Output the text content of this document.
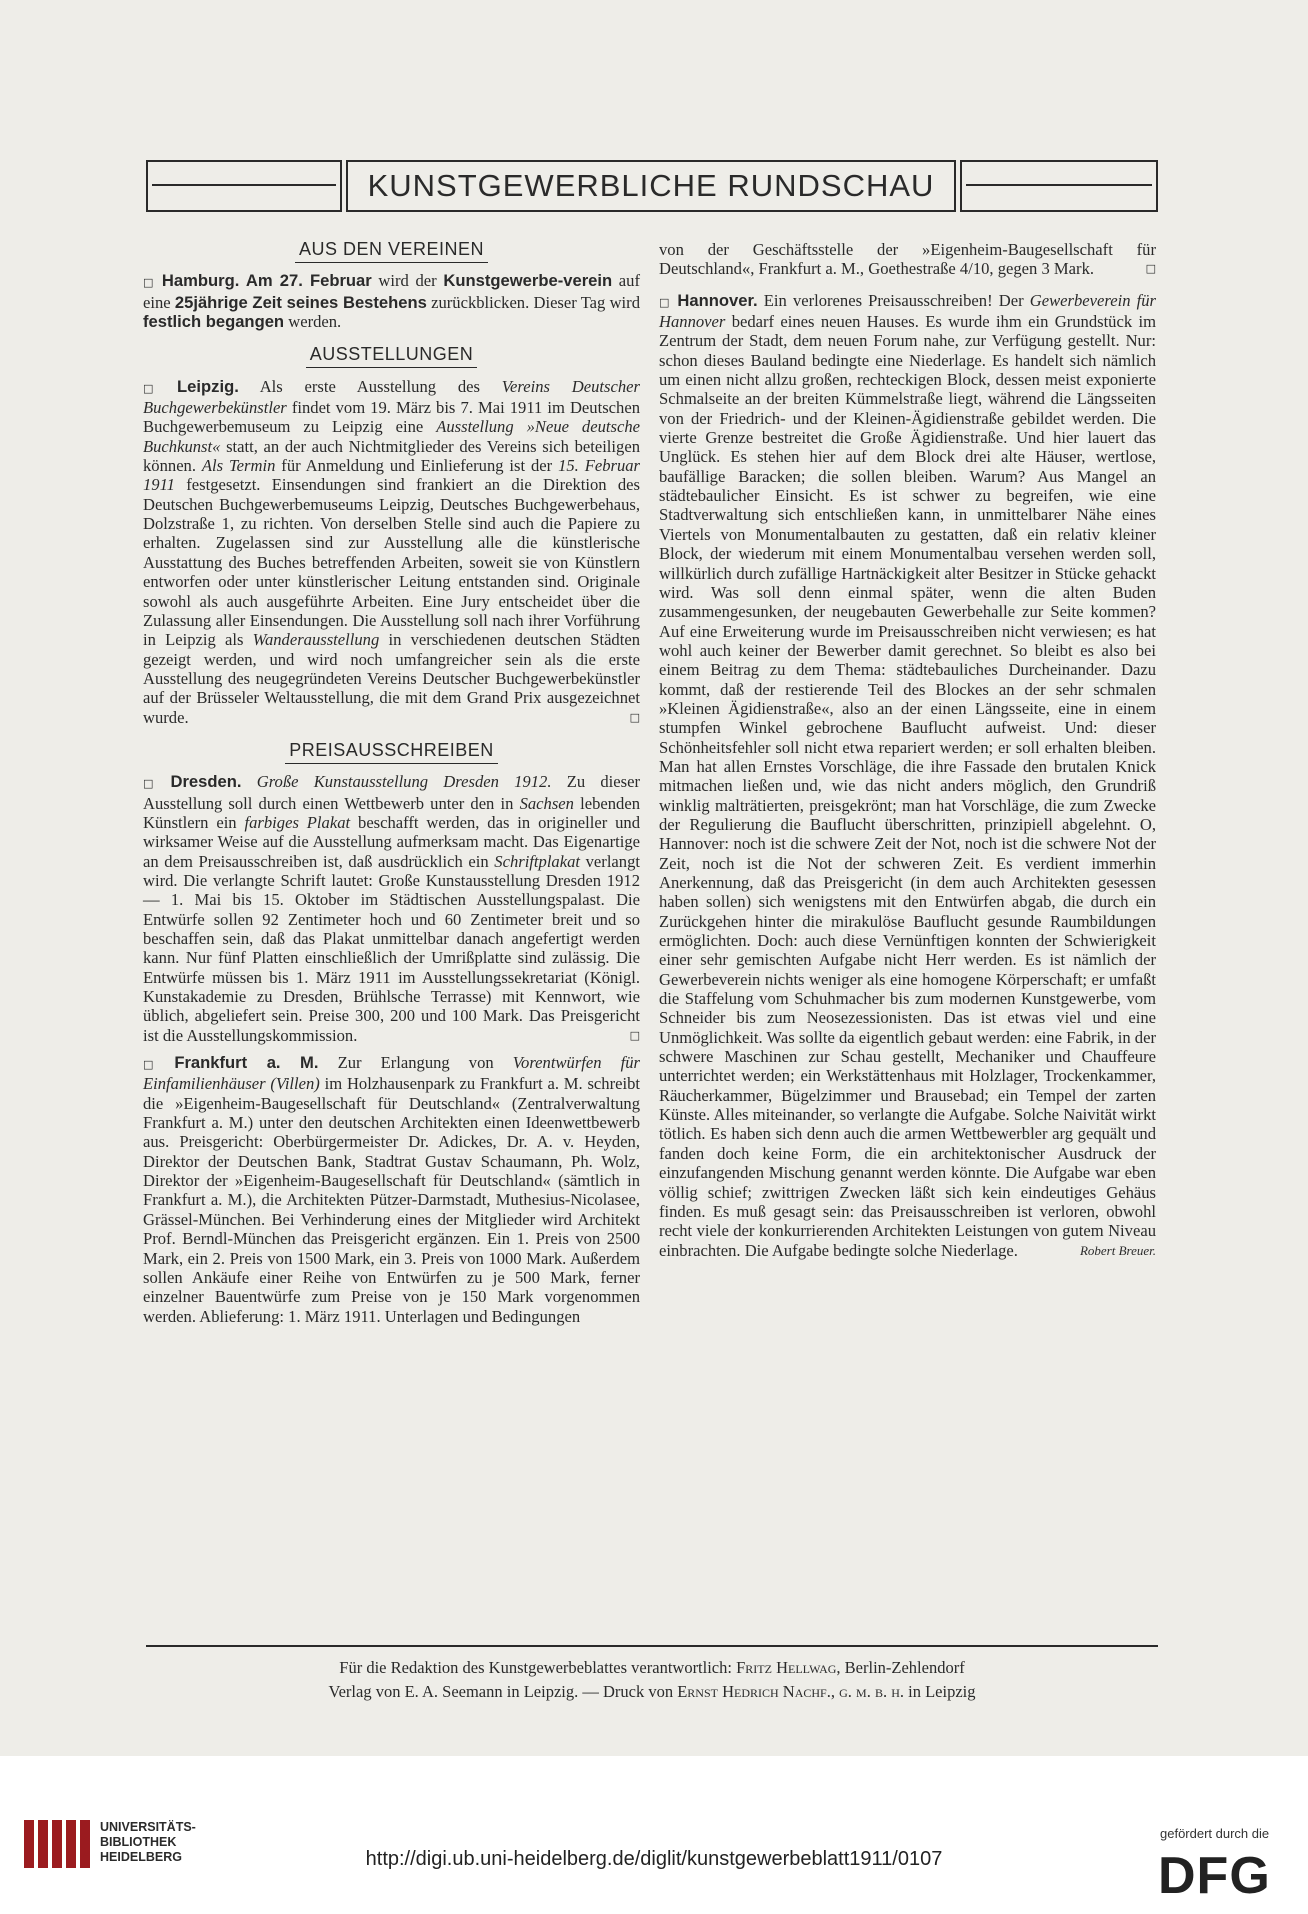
KUNSTGEWERBLICHE RUNDSCHAU
AUS DEN VEREINEN

□ Hamburg. Am 27. Februar wird der Kunstgewerbe-verein auf eine 25jährige Zeit seines Bestehens zurückblicken. Dieser Tag wird festlich begangen werden.

AUSSTELLUNGEN

□ Leipzig. Als erste Ausstellung des Vereins Deutscher Buchgewerbekünstler findet vom 19. März bis 7. Mai 1911 im Deutschen Buchgewerbemuseum zu Leipzig eine Ausstellung »Neue deutsche Buchkunst« statt, an der auch Nichtmitglieder des Vereins sich beteiligen können. Als Termin für Anmeldung und Einlieferung ist der 15. Februar 1911 festgesetzt. Einsendungen sind frankiert an die Direktion des Deutschen Buchgewerbemuseums Leipzig, Deutsches Buchgewerbehaus, Dolzstraße 1, zu richten. Von derselben Stelle sind auch die Papiere zu erhalten. Zugelassen sind zur Ausstellung alle die künstlerische Ausstattung des Buches betreffenden Arbeiten, soweit sie von Künstlern entworfen oder unter künstlerischer Leitung entstanden sind. Originale sowohl als auch ausgeführte Arbeiten. Eine Jury entscheidet über die Zulassung aller Einsendungen. Die Ausstellung soll nach ihrer Vorführung in Leipzig als Wanderausstellung in verschiedenen deutschen Städten gezeigt werden, und wird noch umfangreicher sein als die erste Ausstellung des neugegründeten Vereins Deutscher Buchgewerbekünstler auf der Brüsseler Weltausstellung, die mit dem Grand Prix ausgezeichnet wurde.	□

PREISAUSSCHREIBEN

□ Dresden. Große Kunstausstellung Dresden 1912. Zu dieser Ausstellung soll durch einen Wettbewerb unter den in Sachsen lebenden Künstlern ein farbiges Plakat beschafft werden, das in origineller und wirksamer Weise auf die Ausstellung aufmerksam macht. Das Eigenartige an dem Preisausschreiben ist, daß ausdrücklich ein Schriftplakat verlangt wird. Die verlangte Schrift lautet: Große Kunstausstellung Dresden 1912 — 1. Mai bis 15. Oktober im Städtischen Ausstellungspalast. Die Entwürfe sollen 92 Zentimeter hoch und 60 Zentimeter breit und so beschaffen sein, daß das Plakat unmittelbar danach angefertigt werden kann. Nur fünf Platten einschließlich der Umrißplatte sind zulässig. Die Entwürfe müssen bis 1. März 1911 im Ausstellungssekretariat (Königl. Kunstakademie zu Dresden, Brühlsche Terrasse) mit Kennwort, wie üblich, abgeliefert sein. Preise 300, 200 und 100 Mark. Das Preisgericht ist die Ausstellungskommission.	□

□ Frankfurt a. M. Zur Erlangung von Vorentwürfen für Einfamilienhäuser (Villen) im Holzhausenpark zu Frankfurt a. M. schreibt die »Eigenheim-Baugesellschaft für Deutschland« (Zentralverwaltung Frankfurt a. M.) unter den deutschen Architekten einen Ideenwettbewerb aus. Preisgericht: Oberbürgermeister Dr. Adickes, Dr. A. v. Heyden, Direktor der Deutschen Bank, Stadtrat Gustav Schaumann, Ph. Wolz, Direktor der »Eigenheim-Baugesellschaft für Deutschland« (sämtlich in Frankfurt a. M.), die Architekten Pützer-Darmstadt, Muthesius-Nicolasee, Grässel-München. Bei Verhinderung eines der Mitglieder wird Architekt Prof. Berndl-München das Preisgericht ergänzen. Ein 1. Preis von 2500 Mark, ein 2. Preis von 1500 Mark, ein 3. Preis von 1000 Mark. Außerdem sollen Ankäufe einer Reihe von Entwürfen zu je 500 Mark, ferner einzelner Bauentwürfe zum Preise von je 150 Mark vorgenommen werden. Ablieferung: 1. März 1911. Unterlagen und Bedingungen

von der Geschäftsstelle der »Eigenheim-Baugesellschaft für Deutschland«, Frankfurt a. M., Goethestraße 4/10, gegen 3 Mark.	□

□ Hannover. Ein verlorenes Preisausschreiben! Der Gewerbeverein für Hannover bedarf eines neuen Hauses. Es wurde ihm ein Grundstück im Zentrum der Stadt, dem neuen Forum nahe, zur Verfügung gestellt. Nur: schon dieses Bauland bedingte eine Niederlage. Es handelt sich nämlich um einen nicht allzu großen, rechteckigen Block, dessen meist exponierte Schmalseite an der breiten Kümmelstraße liegt, während die Längsseiten von der Friedrich- und der Kleinen-Ägidienstraße gebildet werden. Die vierte Grenze bestreitet die Große Ägidienstraße. Und hier lauert das Unglück. Es stehen hier auf dem Block drei alte Häuser, wertlose, baufällige Baracken; die sollen bleiben. Warum? Aus Mangel an städtebaulicher Einsicht. Es ist schwer zu begreifen, wie eine Stadtverwaltung sich entschließen kann, in unmittelbarer Nähe eines Viertels von Monumentalbauten zu gestatten, daß ein relativ kleiner Block, der wiederum mit einem Monumentalbau versehen werden soll, willkürlich durch zufällige Hartnäckigkeit alter Besitzer in Stücke gehackt wird. Was soll denn einmal später, wenn die alten Buden zusammengesunken, der neugebauten Gewerbehalle zur Seite kommen? Auf eine Erweiterung wurde im Preisausschreiben nicht verwiesen; es hat wohl auch keiner der Bewerber damit gerechnet. So bleibt es also bei einem Beitrag zu dem Thema: städtebauliches Durcheinander. Dazu kommt, daß der restierende Teil des Blockes an der sehr schmalen »Kleinen Ägidienstraße«, also an der einen Längsseite, eine in einem stumpfen Winkel gebrochene Bauflucht aufweist. Und: dieser Schönheitsfehler soll nicht etwa repariert werden; er soll erhalten bleiben. Man hat allen Ernstes Vorschläge, die ihre Fassade den brutalen Knick mitmachen ließen und, wie das nicht anders möglich, den Grundriß winklig malträtierten, preisgekrönt; man hat Vorschläge, die zum Zwecke der Regulierung die Bauflucht überschritten, prinzipiell abgelehnt. O, Hannover: noch ist die schwere Zeit der Not, noch ist die schwere Not der Zeit, noch ist die Not der schweren Zeit. Es verdient immerhin Anerkennung, daß das Preisgericht (in dem auch Architekten gesessen haben sollen) sich wenigstens mit den Entwürfen abgab, die durch ein Zurückgehen hinter die mirakulöse Bauflucht gesunde Raumbildungen ermöglichten. Doch: auch diese Vernünftigen konnten der Schwierigkeit einer sehr gemischten Aufgabe nicht Herr werden. Es ist nämlich der Gewerbeverein nichts weniger als eine homogene Körperschaft; er umfaßt die Staffelung vom Schuhmacher bis zum modernen Kunstgewerbe, vom Schneider bis zum Neosezessionisten. Das ist etwas viel und eine Unmöglichkeit. Was sollte da eigentlich gebaut werden: eine Fabrik, in der schwere Maschinen zur Schau gestellt, Mechaniker und Chauffeure unterrichtet werden; ein Werkstättenhaus mit Holzlager, Trockenkammer, Räucherkammer, Bügelzimmer und Brausebad; ein Tempel der zarten Künste. Alles miteinander, so verlangte die Aufgabe. Solche Naivität wirkt tötlich. Es haben sich denn auch die armen Wettbewerbler arg gequält und fanden doch keine Form, die ein architektonischer Ausdruck der einzufangenden Mischung genannt werden könnte. Die Aufgabe war eben völlig schief; zwittrigen Zwecken läßt sich kein eindeutiges Gehäus finden. Es muß gesagt sein: das Preisausschreiben ist verloren, obwohl recht viele der konkurrierenden Architekten Leistungen von gutem Niveau einbrachten. Die Aufgabe bedingte solche Niederlage.	Robert Breuer.

Für die Redaktion des Kunstgewerbeblattes verantwortlich: Fritz Hellwag, Berlin-Zehlendorf
Verlag von E. A. Seemann in Leipzig. — Druck von Ernst Hedrich Nachf., g. m. b. h. in Leipzig
UNIVERSITÄTS-
BIBLIOTHEK
HEIDELBERG	http://digi.ub.uni-heidelberg.de/diglit/kunstgewerbeblatt1911/0107
gefördert durch die
DFG
